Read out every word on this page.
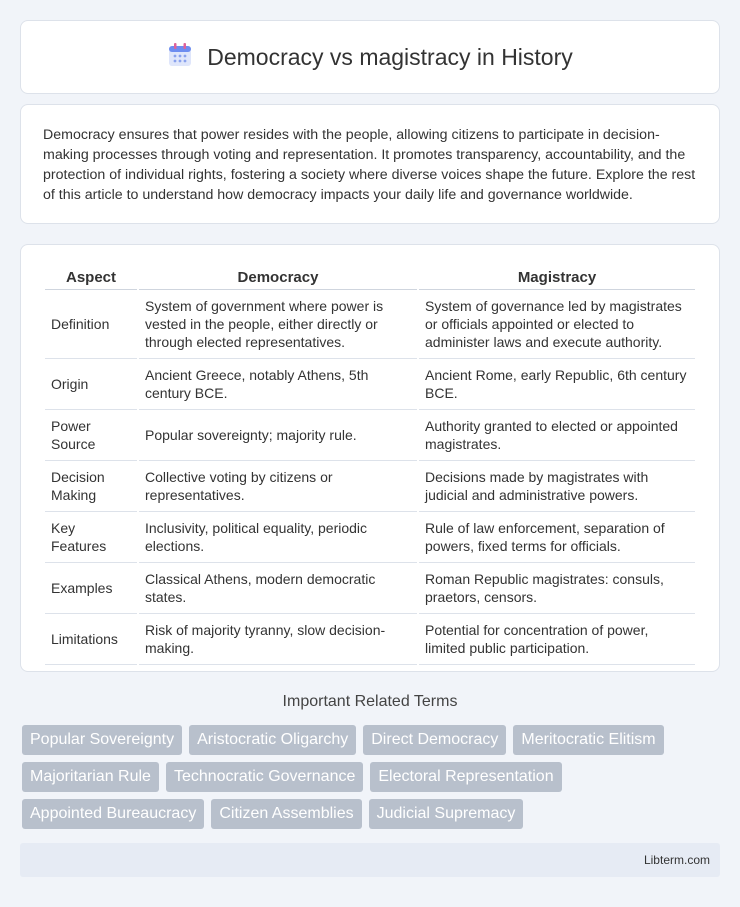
Democracy vs magistracy in History

Democracy ensures that power resides with the people, allowing citizens to participate in decision-making processes through voting and representation. It promotes transparency, accountability, and the protection of individual rights, fostering a society where diverse voices shape the future. Explore the rest of this article to understand how democracy impacts your daily life and governance worldwide.

Aspect	Democracy	Magistracy
Definition	System of government where power is vested in the people, either directly or through elected representatives.	System of governance led by magistrates or officials appointed or elected to administer laws and execute authority.
Origin	Ancient Greece, notably Athens, 5th century BCE.	Ancient Rome, early Republic, 6th century BCE.
Power Source	Popular sovereignty; majority rule.	Authority granted to elected or appointed magistrates.
Decision Making	Collective voting by citizens or representatives.	Decisions made by magistrates with judicial and administrative powers.
Key Features	Inclusivity, political equality, periodic elections.	Rule of law enforcement, separation of powers, fixed terms for officials.
Examples	Classical Athens, modern democratic states.	Roman Republic magistrates: consuls, praetors, censors.
Limitations	Risk of majority tyranny, slow decision-making.	Potential for concentration of power, limited public participation.
Important Related Terms
Popular Sovereignty	Aristocratic Oligarchy	Direct Democracy	Meritocratic Elitism
Majoritarian Rule	Technocratic Governance	Electoral Representation
Appointed Bureaucracy	Citizen Assemblies	Judicial Supremacy
Libterm.com
